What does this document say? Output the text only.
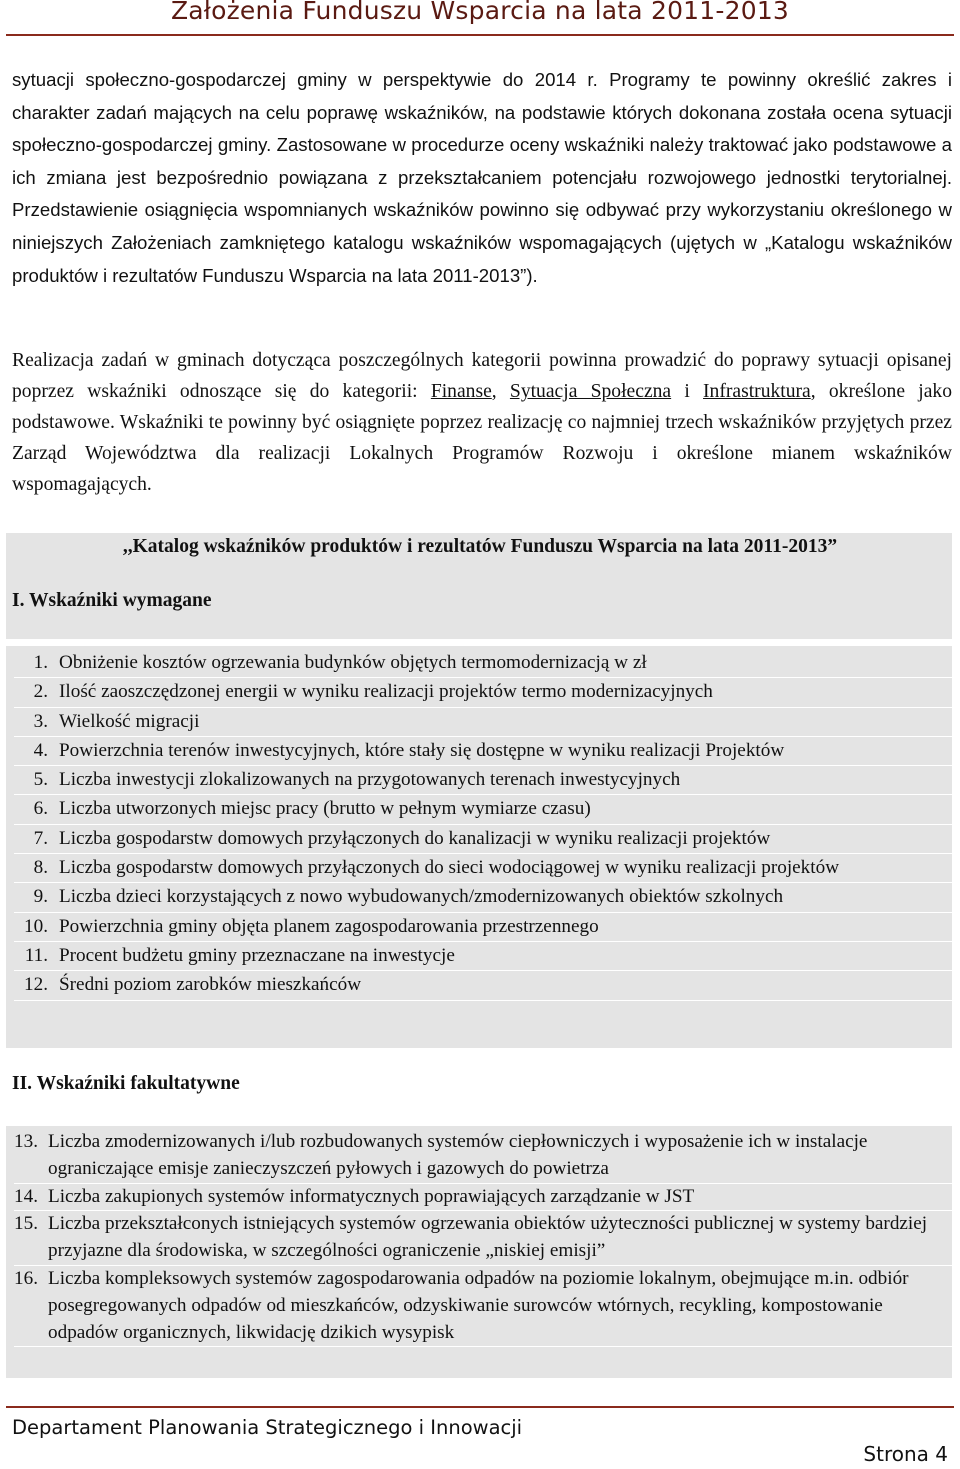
Założenia Funduszu Wsparcia na lata 2011-2013

sytuacji społeczno-gospodarczej gminy w perspektywie do 2014 r. Programy te powinny określić zakres i charakter zadań mających na celu poprawę wskaźników, na podstawie których dokonana została ocena sytuacji społeczno-gospodarczej gminy. Zastosowane w procedurze oceny wskaźniki należy traktować jako podstawowe a ich zmiana jest bezpośrednio powiązana z przekształcaniem potencjału rozwojowego jednostki terytorialnej. Przedstawienie osiągnięcia wspomnianych wskaźników powinno się odbywać przy wykorzystaniu określonego w niniejszych Założeniach zamkniętego katalogu wskaźników wspomagających (ujętych w „Katalogu wskaźników produktów i rezultatów Funduszu Wsparcia na lata 2011-2013”).

Realizacja zadań w gminach dotycząca poszczególnych kategorii powinna prowadzić do poprawy sytuacji opisanej poprzez wskaźniki odnoszące się do kategorii: Finanse, Sytuacja Społeczna i Infrastruktura, określone jako podstawowe. Wskaźniki te powinny być osiągnięte poprzez realizację co najmniej trzech wskaźników przyjętych przez Zarząd Województwa dla realizacji Lokalnych Programów Rozwoju i określone mianem wskaźników wspomagających.

,,Katalog wskaźników produktów i rezultatów Funduszu Wsparcia na lata 2011-2013”
I. Wskaźniki wymagane
1. Obniżenie kosztów ogrzewania budynków objętych termomodernizacją w zł
2. Ilość zaoszczędzonej energii w wyniku realizacji projektów termo modernizacyjnych
3. Wielkość migracji
4. Powierzchnia terenów inwestycyjnych, które stały się dostępne w wyniku realizacji Projektów
5. Liczba inwestycji zlokalizowanych na przygotowanych terenach inwestycyjnych
6. Liczba utworzonych miejsc pracy (brutto w pełnym wymiarze czasu)
7. Liczba gospodarstw domowych przyłączonych do kanalizacji w wyniku realizacji projektów
8. Liczba gospodarstw domowych przyłączonych do sieci wodociągowej w wyniku realizacji projektów
9. Liczba dzieci korzystających z nowo wybudowanych/zmodernizowanych obiektów szkolnych
10. Powierzchnia gminy objęta planem zagospodarowania przestrzennego
11. Procent budżetu gminy przeznaczane na inwestycje
12. Średni poziom zarobków mieszkańców
II. Wskaźniki fakultatywne
13. Liczba zmodernizowanych i/lub rozbudowanych systemów ciepłowniczych i wyposażenie ich w instalacje ograniczające emisje zanieczyszczeń pyłowych i gazowych do powietrza
14. Liczba zakupionych systemów informatycznych poprawiających zarządzanie w JST
15. Liczba przekształconych istniejących systemów ogrzewania obiektów użyteczności publicznej w systemy bardziej przyjazne dla środowiska, w szczególności ograniczenie „niskiej emisji”
16. Liczba kompleksowych systemów zagospodarowania odpadów na poziomie lokalnym, obejmujące m.in. odbiór posegregowanych odpadów od mieszkańców, odzyskiwanie surowców wtórnych, recykling, kompostowanie odpadów organicznych, likwidację dzikich wysypisk
Departament Planowania Strategicznego i Innowacji
Strona 4
